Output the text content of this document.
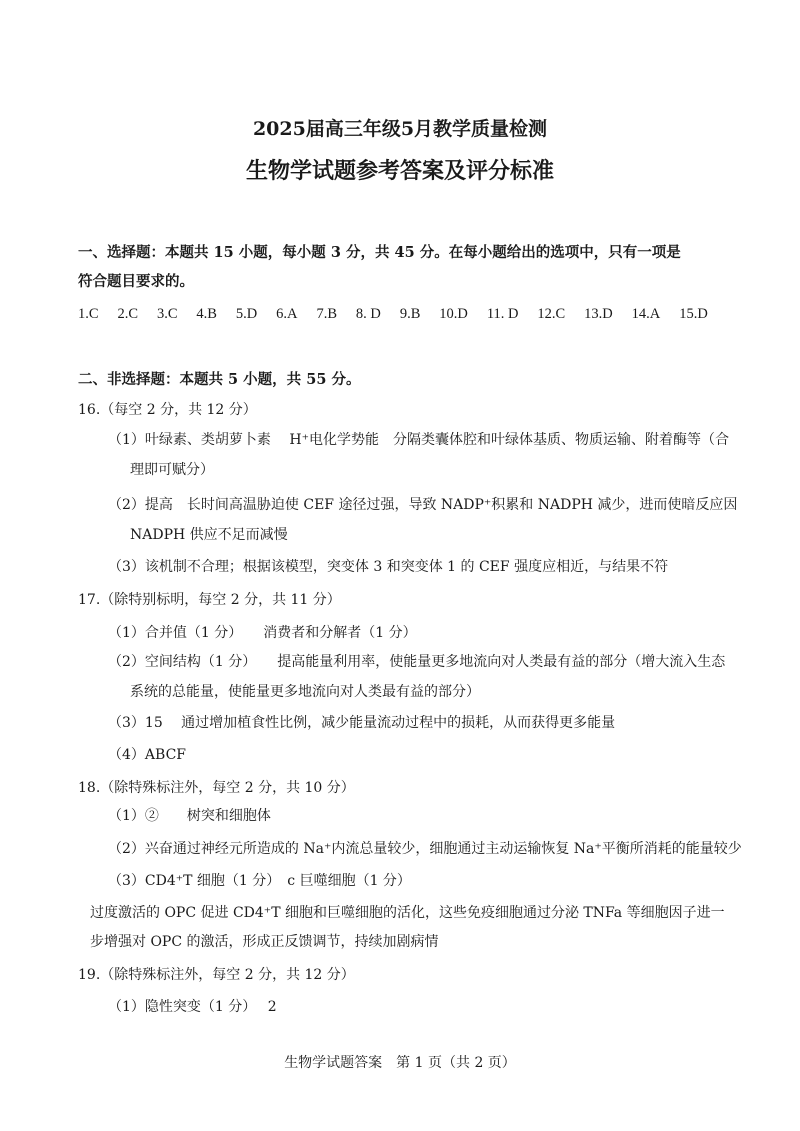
2025届高三年级5月教学质量检测
生物学试题参考答案及评分标准
一、选择题：本题共 15 小题，每小题 3 分，共 45 分。在每小题给出的选项中，只有一项是
符合题目要求的。
1.C 2.C 3.C 4.B 5.D 6.A 7.B 8. D 9.B 10.D 11. D 12.C 13.D 14.A 15.D
二、非选择题：本题共 5 小题，共 55 分。
16.（每空 2 分，共 12 分）
（1）叶绿素、类胡萝卜素　 H⁺电化学势能　分隔类囊体腔和叶绿体基质、物质运输、附着酶等（合
理即可赋分）
（2）提高　长时间高温胁迫使 CEF 途径过强，导致 NADP⁺积累和 NADPH 减少，进而使暗反应因
NADPH 供应不足而减慢
（3）该机制不合理；根据该模型，突变体 3 和突变体 1 的 CEF 强度应相近，与结果不符
17.（除特别标明，每空 2 分，共 11 分）
（1）合并值（1 分）　　消费者和分解者（1 分）
（2）空间结构（1 分）　　提高能量利用率，使能量更多地流向对人类最有益的部分（增大流入生态
系统的总能量，使能量更多地流向对人类最有益的部分）
（3）15　 通过增加植食性比例，减少能量流动过程中的损耗，从而获得更多能量
（4）ABCF
18.（除特殊标注外，每空 2 分，共 10 分）
（1）②　　树突和细胞体
（2）兴奋通过神经元所造成的 Na⁺内流总量较少，细胞通过主动运输恢复 Na⁺平衡所消耗的能量较少
（3）CD4⁺T 细胞（1 分）　c 巨噬细胞（1 分）
过度激活的 OPC 促进 CD4⁺T 细胞和巨噬细胞的活化，这些免疫细胞通过分泌 TNFa 等细胞因子进一
步增强对 OPC 的激活，形成正反馈调节，持续加剧病情
19.（除特殊标注外，每空 2 分，共 12 分）
（1）隐性突变（1 分）　 2
生物学试题答案　第 1 页（共 2 页）
